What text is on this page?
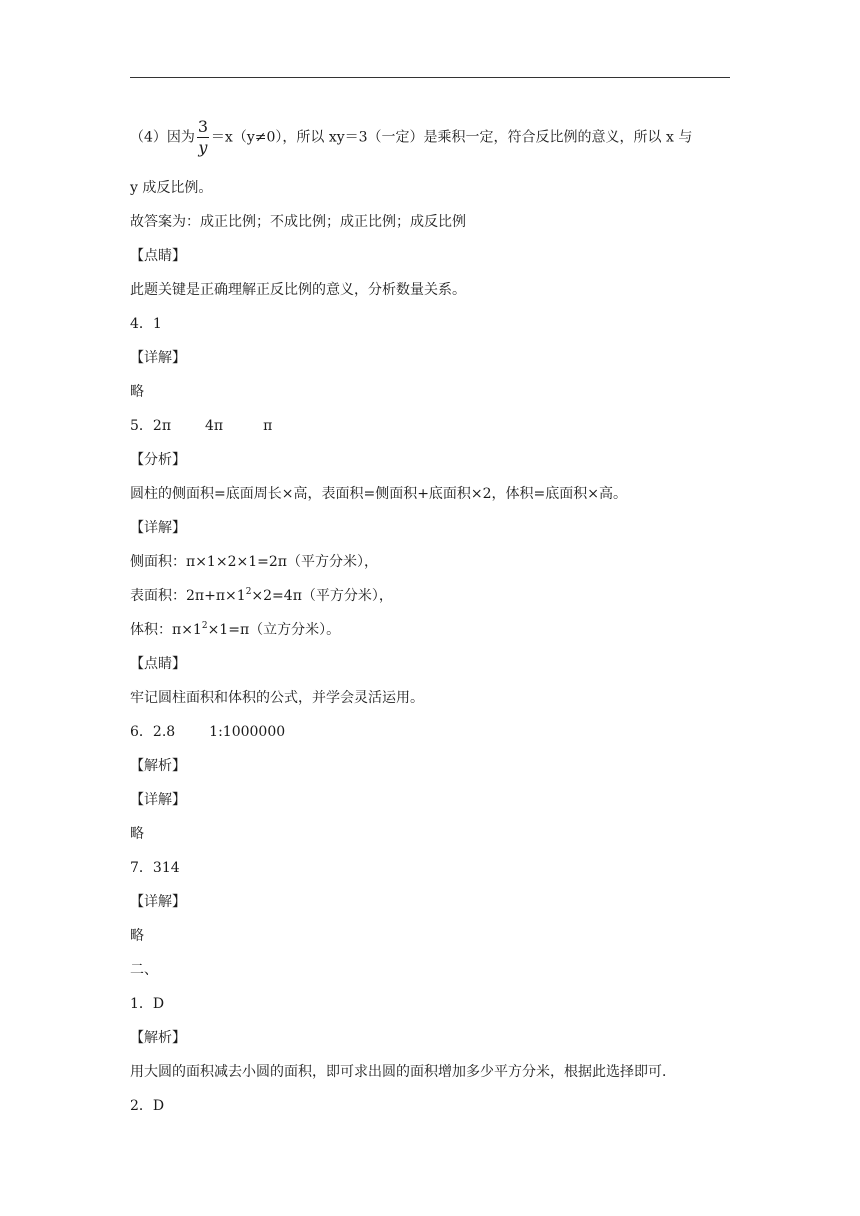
（4）因为 $\frac{3}{y} =x(y\ne 0)$，所以 xy＝3（一定）是乘积一定，符合反比例的意义，所以 x 与
y 成反比例。
故答案为：成正比例；不成比例；成正比例；成反比例
【点睛】
此题关键是正确理解正反比例的意义，分析数量关系。
4．1
【详解】
略
5．2π 4π	π
【分析】
圆柱的侧面积=底面周长×高，表面积=侧面积+底面积×2，体积=底面积×高。
【详解】
侧面积：π×1×2×1=2π（平方分米），
表面积：$2\pi+\pi\times 1^2\times 2=4\pi$（平方分米），
体积：$\pi\times 1^2\times 1=\pi$（立方分米）。
【点睛】
牢记圆柱面积和体积的公式，并学会灵活运用。
6．2.8 1:1000000
【解析】
【详解】
略
7．314
【详解】
略
二、
1．D
【解析】
用大圆的面积减去小圆的面积，即可求出圆的面积增加多少平方分米，根据此选择即可．
2．D
